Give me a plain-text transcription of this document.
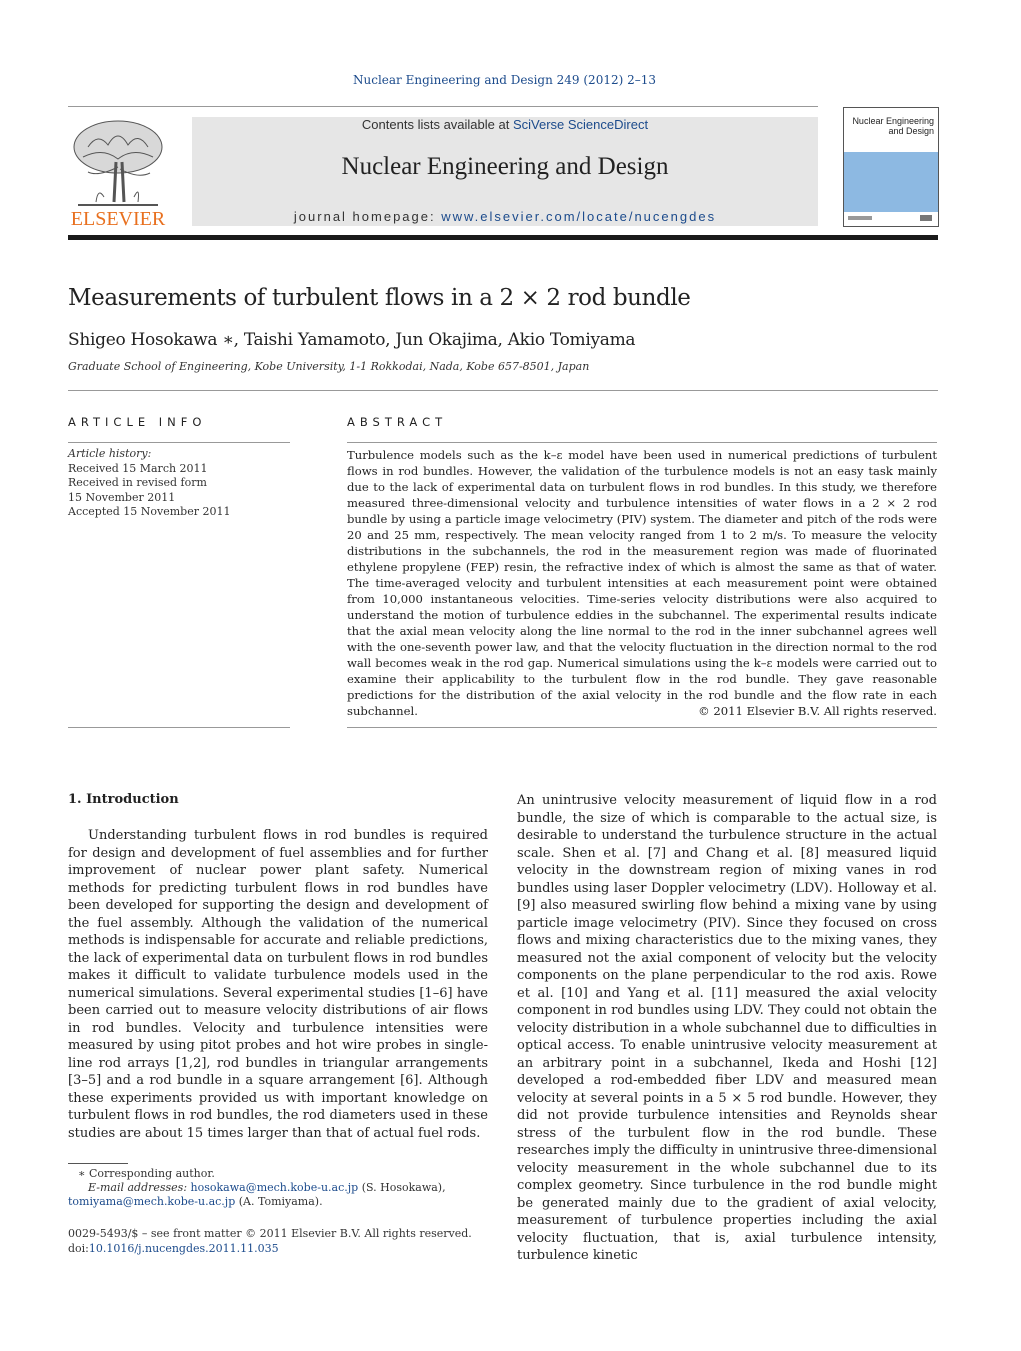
Nuclear Engineering and Design 249 (2012) 2–13
ELSEVIER
Contents lists available at SciVerse ScienceDirect
Nuclear Engineering and Design
journal homepage: www.elsevier.com/locate/nucengdes
Nuclear Engineering
and Design
Measurements of turbulent flows in a 2 × 2 rod bundle
Shigeo Hosokawa ∗, Taishi Yamamoto, Jun Okajima, Akio Tomiyama
Graduate School of Engineering, Kobe University, 1-1 Rokkodai, Nada, Kobe 657-8501, Japan
ARTICLE INFO
Article history:
Received 15 March 2011
Received in revised form
15 November 2011
Accepted 15 November 2011
ABSTRACT
Turbulence models such as the k–ε model have been used in numerical predictions of turbulent flows in rod bundles. However, the validation of the turbulence models is not an easy task mainly due to the lack of experimental data on turbulent flows in rod bundles. In this study, we therefore measured three-dimensional velocity and turbulence intensities of water flows in a 2 × 2 rod bundle by using a particle image velocimetry (PIV) system. The diameter and pitch of the rods were 20 and 25 mm, respectively. The mean velocity ranged from 1 to 2 m/s. To measure the velocity distributions in the subchannels, the rod in the measurement region was made of fluorinated ethylene propylene (FEP) resin, the refractive index of which is almost the same as that of water. The time-averaged velocity and turbulent intensities at each measurement point were obtained from 10,000 instantaneous velocities. Time-series velocity distributions were also acquired to understand the motion of turbulence eddies in the subchannel. The experimental results indicate that the axial mean velocity along the line normal to the rod in the inner subchannel agrees well with the one-seventh power law, and that the velocity fluctuation in the direction normal to the rod wall becomes weak in the rod gap. Numerical simulations using the k–ε models were carried out to examine their applicability to the turbulent flow in the rod bundle. They gave reasonable predictions for the distribution of the axial velocity in the rod bundle and the flow rate in each subchannel.	© 2011 Elsevier B.V. All rights reserved.
1. Introduction

Understanding turbulent flows in rod bundles is required for design and development of fuel assemblies and for further improvement of nuclear power plant safety. Numerical methods for predicting turbulent flows in rod bundles have been developed for supporting the design and development of the fuel assembly. Although the validation of the numerical methods is indispensable for accurate and reliable predictions, the lack of experimental data on turbulent flows in rod bundles makes it difficult to validate turbulence models used in the numerical simulations. Several experimental studies [1–6] have been carried out to measure velocity distributions of air flows in rod bundles. Velocity and turbulence intensities were measured by using pitot probes and hot wire probes in single-line rod arrays [1,2], rod bundles in triangular arrangements [3–5] and a rod bundle in a square arrangement [6]. Although these experiments provided us with important knowledge on turbulent flows in rod bundles, the rod diameters used in these studies are about 15 times larger than that of actual fuel rods.

An unintrusive velocity measurement of liquid flow in a rod bundle, the size of which is comparable to the actual size, is desirable to understand the turbulence structure in the actual scale. Shen et al. [7] and Chang et al. [8] measured liquid velocity in the downstream region of mixing vanes in rod bundles using laser Doppler velocimetry (LDV). Holloway et al. [9] also measured swirling flow behind a mixing vane by using particle image velocimetry (PIV). Since they focused on cross flows and mixing characteristics due to the mixing vanes, they measured not the axial component of velocity but the velocity components on the plane perpendicular to the rod axis. Rowe et al. [10] and Yang et al. [11] measured the axial velocity component in rod bundles using LDV. They could not obtain the velocity distribution in a whole subchannel due to difficulties in optical access. To enable unintrusive velocity measurement at an arbitrary point in a subchannel, Ikeda and Hoshi [12] developed a rod-embedded fiber LDV and measured mean velocity at several points in a 5 × 5 rod bundle. However, they did not provide turbulence intensities and Reynolds shear stress of the turbulent flow in the rod bundle. These researches imply the difficulty in unintrusive three-dimensional velocity measurement in the whole subchannel due to its complex geometry. Since turbulence in the rod bundle might be generated mainly due to the gradient of axial velocity, measurement of turbulence properties including the axial velocity fluctuation, that is, axial turbulence intensity, turbulence kinetic

∗ Corresponding author.
E-mail addresses: hosokawa@mech.kobe-u.ac.jp (S. Hosokawa),
tomiyama@mech.kobe-u.ac.jp (A. Tomiyama).
0029-5493/$ – see front matter © 2011 Elsevier B.V. All rights reserved.
doi:10.1016/j.nucengdes.2011.11.035
